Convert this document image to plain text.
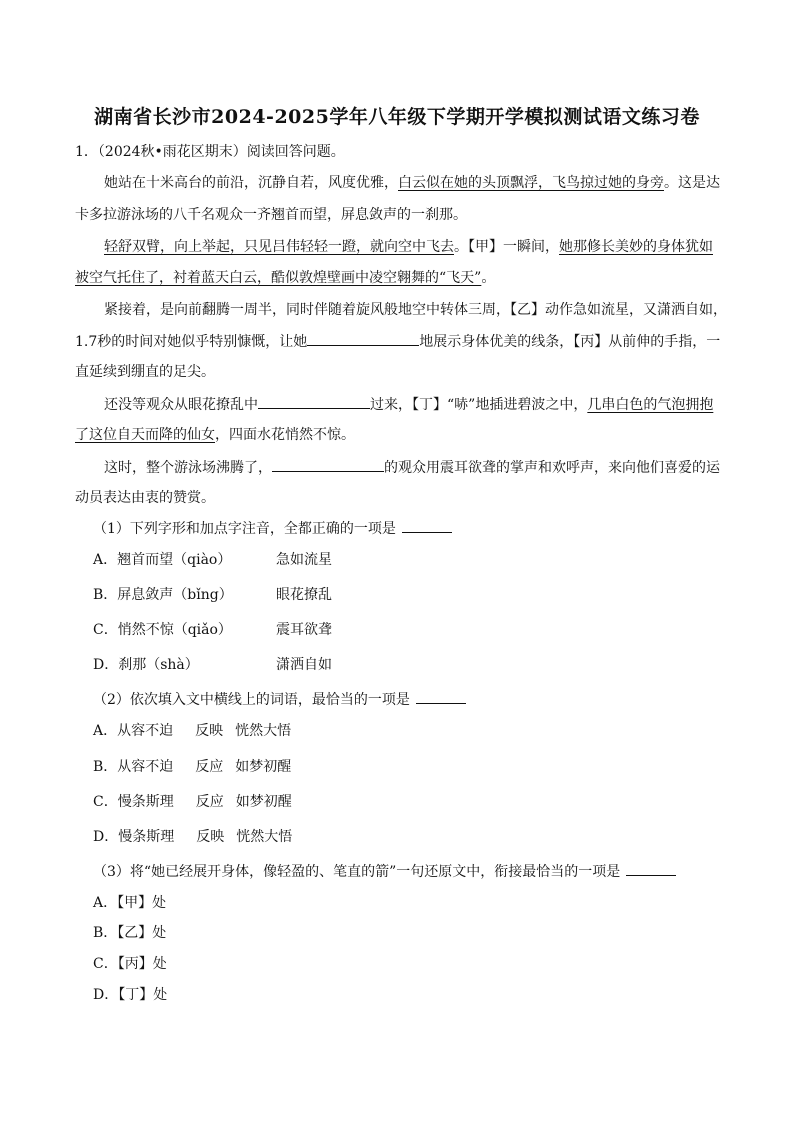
湖南省长沙市2024-2025学年八年级下学期开学模拟测试语文练习卷
1．（2024秋•雨花区期末）阅读回答问题。
她站在十米高台的前沿，沉静自若，风度优雅，白云似在她的头顶飘浮，飞鸟掠过她的身旁。这是达
卡多拉游泳场的八千名观众一齐翘首而望，屏息敛声的一刹那。
轻舒双臂，向上举起，只见吕伟轻轻一蹬，就向空中飞去。【甲】一瞬间，她那修长美妙的身体犹如
被空气托住了，衬着蓝天白云，酷似敦煌壁画中凌空翱舞的“飞天”。
紧接着，是向前翻腾一周半，同时伴随着旋风般地空中转体三周，【乙】动作急如流星，又潇洒自如，
1.7秒的时间对她似乎特别慷慨，让她	地展示身体优美的线条，【丙】从前伸的手指，一
直延续到绷直的足尖。
还没等观众从眼花撩乱中	过来，【丁】“哧”地插进碧波之中，几串白色的气泡拥抱
了这位自天而降的仙女，四面水花悄然不惊。
这时，整个游泳场沸腾了，	的观众用震耳欲聋的掌声和欢呼声，来向他们喜爱的运
动员表达由衷的赞赏。
（1）下列字形和加点字注音，全都正确的一项是
A．翘首而望（qiào）	急如流星
B．屏息敛声（bǐng）	眼花撩乱
C．悄然不惊（qiǎo）	震耳欲聋
D．刹那（shà）	潇洒自如
（2）依次填入文中横线上的词语，最恰当的一项是
A．从容不迫 反映 恍然大悟
B．从容不迫 反应 如梦初醒
C．慢条斯理 反应 如梦初醒
D．慢条斯理 反映 恍然大悟
（3）将“她已经展开身体，像轻盈的、笔直的箭”一句还原文中，衔接最恰当的一项是
A．【甲】处
B．【乙】处
C．【丙】处
D．【丁】处
